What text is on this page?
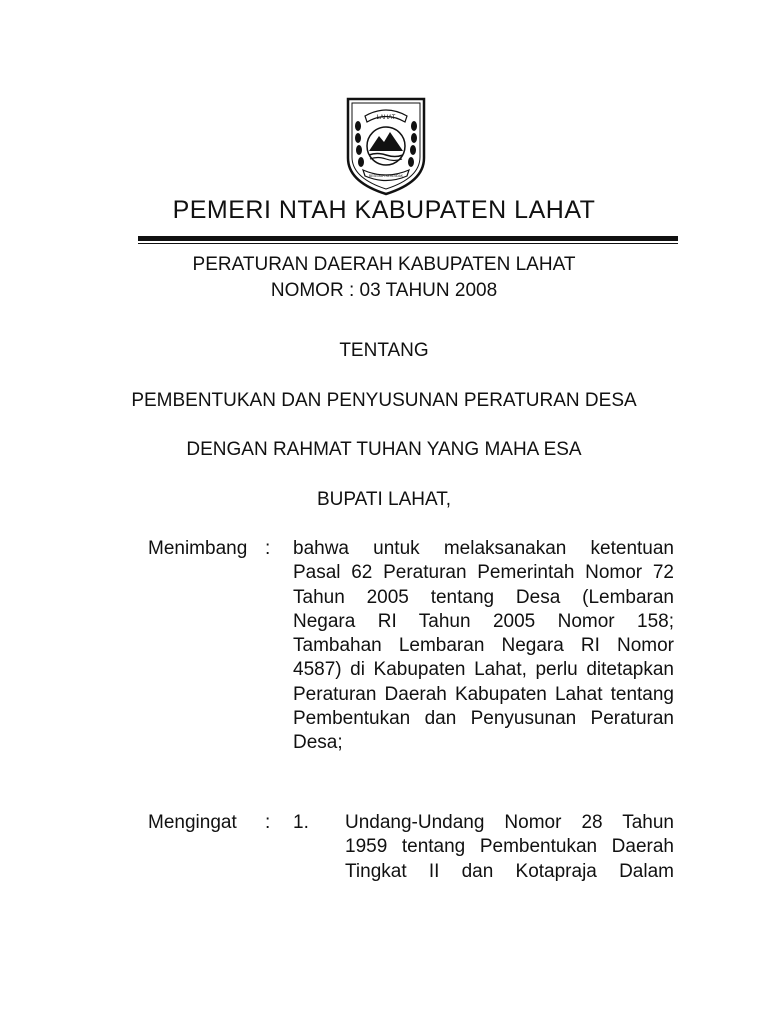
LAHAT
BESEMAH SEHENDAK
PEMERI NTAH KABUPATEN LAHAT
PERATURAN DAERAH KABUPATEN LAHAT
NOMOR : 03 TAHUN 2008
TENTANG
PEMBENTUKAN DAN PENYUSUNAN PERATURAN DESA
DENGAN RAHMAT TUHAN YANG MAHA ESA
BUPATI LAHAT,
Menimbang : bahwa untuk melaksanakan ketentuan
Pasal 62 Peraturan Pemerintah Nomor 72
Tahun 2005 tentang Desa (Lembaran
Negara RI Tahun 2005 Nomor 158;
Tambahan Lembaran Negara RI Nomor
4587) di Kabupaten Lahat, perlu ditetapkan
Peraturan Daerah Kabupaten Lahat tentang
Pembentukan dan Penyusunan Peraturan
Desa;
Mengingat : 1. Undang-Undang Nomor 28 Tahun
1959 tentang Pembentukan Daerah
Tingkat II dan Kotapraja Dalam
